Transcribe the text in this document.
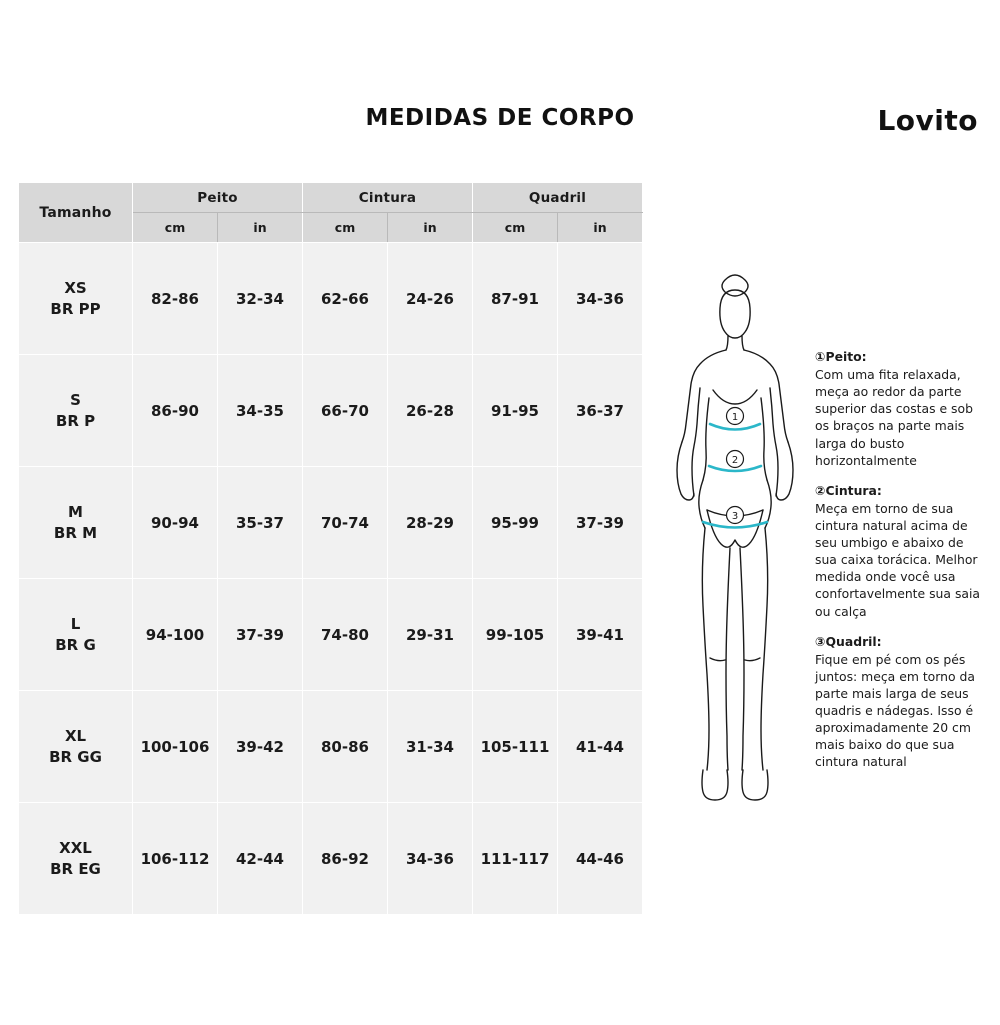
MEDIDAS DE CORPO	Lovito
Tamanho	Peito		Cintura		Quadril	
	cm	in	cm	in	cm	in

XS
BR PP	82-86	32-34	62-66	24-26	87-91	34-36

S
BR P	86-90	34-35	66-70	26-28	91-95	36-37

M
BR M	90-94	35-37	70-74	28-29	95-99	37-39

L
BR G	94-100	37-39	74-80	29-31	99-105	39-41

XL
BR GG	100-106	39-42	80-86	31-34	105-111	41-44

XXL
BR EG	106-112	42-44	86-92	34-36	111-117	44-46
1
2
3
①Peito:
Com uma fita relaxada, meça ao redor da parte superior das costas e sob os braços na parte mais larga do busto horizontalmente
②Cintura:
Meça em torno de sua cintura natural acima de seu umbigo e abaixo de sua caixa torácica. Melhor medida onde você usa confortavelmente sua saia ou calça
③Quadril:
Fique em pé com os pés juntos: meça em torno da parte mais larga de seus quadris e nádegas. Isso é aproximadamente 20 cm mais baixo do que sua cintura natural
